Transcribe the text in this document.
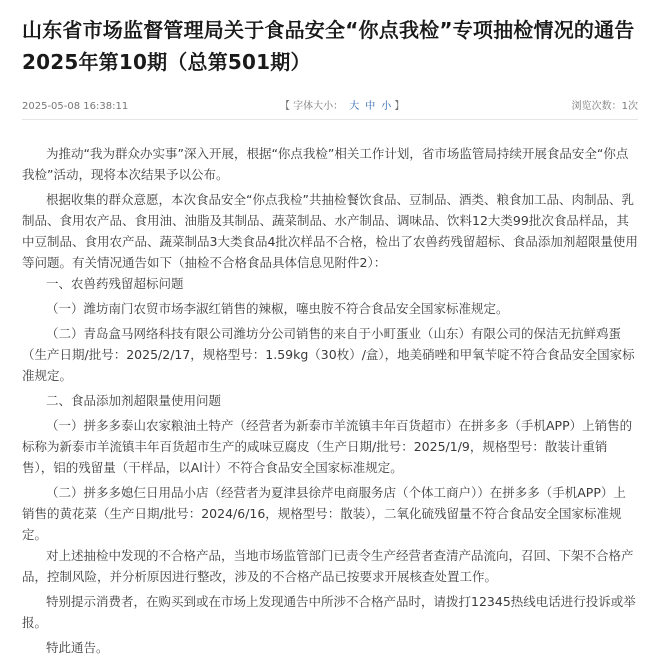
山东省市场监督管理局关于食品安全“你点我检”专项抽检情况的通告2025年第10期（总第501期）
2025-05-08 16:38:11	【 字体大小： 大 中 小 】	浏览次数：1次

为推动“我为群众办实事”深入开展，根据“你点我检”相关工作计划，省市场监管局持续开展食品安全“你点我检”活动，现将本次结果予以公布。

根据收集的群众意愿，本次食品安全“你点我检”共抽检餐饮食品、豆制品、酒类、粮食加工品、肉制品、乳制品、食用农产品、食用油、油脂及其制品、蔬菜制品、水产制品、调味品、饮料12大类99批次食品样品，其中豆制品、食用农产品、蔬菜制品3大类食品4批次样品不合格，检出了农兽药残留超标、食品添加剂超限量使用等问题。有关情况通告如下（抽检不合格食品具体信息见附件2）：

一、农兽药残留超标问题

（一）潍坊南门农贸市场李淑红销售的辣椒，噻虫胺不符合食品安全国家标准规定。

（二）青岛盒马网络科技有限公司潍坊分公司销售的来自于小町蛋业（山东）有限公司的保洁无抗鲜鸡蛋（生产日期/批号：2025/2/17，规格型号：1.59kg（30枚）/盒），地美硝唑和甲氧苄啶不符合食品安全国家标准规定。

二、食品添加剂超限量使用问题

（一）拼多多泰山农家粮油土特产（经营者为新泰市羊流镇丰年百货超市）在拼多多（手机APP）上销售的标称为新泰市羊流镇丰年百货超市生产的咸味豆腐皮（生产日期/批号：2025/1/9，规格型号：散装计重销售），铝的残留量（干样品，以Al计）不符合食品安全国家标准规定。

（二）拼多多媳仨日用品小店（经营者为夏津县徐芹电商服务店（个体工商户））在拼多多（手机APP）上销售的黄花菜（生产日期/批号：2024/6/16，规格型号：散装），二氧化硫残留量不符合食品安全国家标准规定。

对上述抽检中发现的不合格产品，当地市场监管部门已责令生产经营者查清产品流向，召回、下架不合格产品，控制风险，并分析原因进行整改，涉及的不合格产品已按要求开展核查处置工作。

特别提示消费者，在购买到或在市场上发现通告中所涉不合格产品时，请拨打12345热线电话进行投诉或举报。

特此通告。
